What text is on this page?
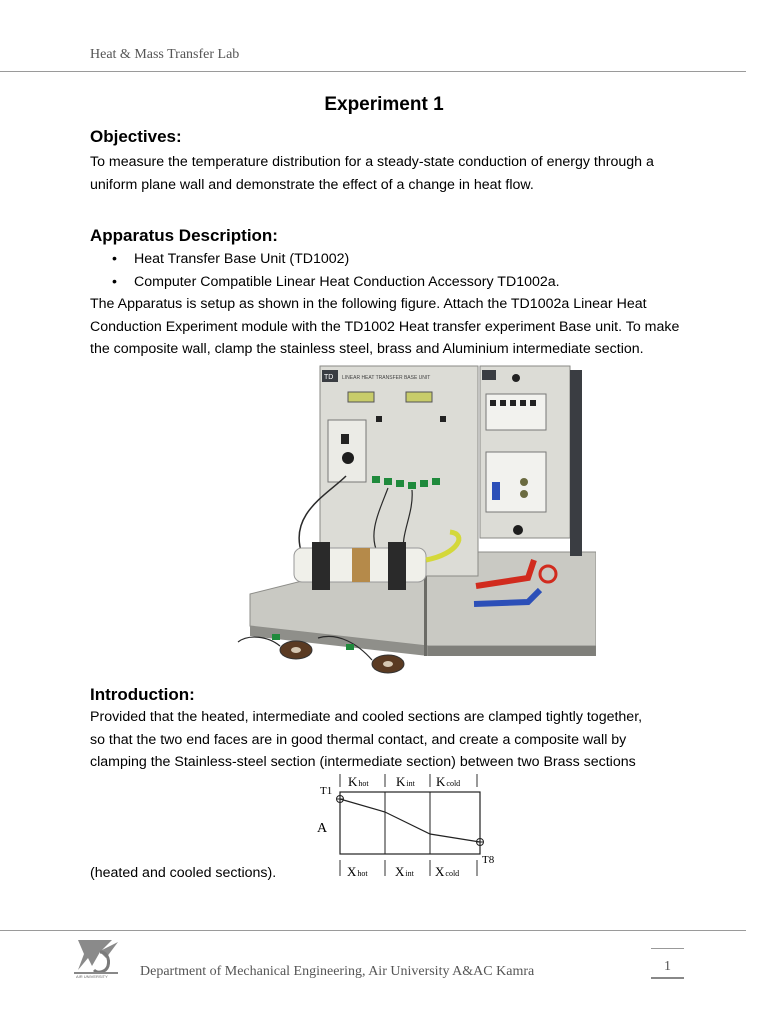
Heat & Mass Transfer Lab
Experiment 1
Objectives:
To measure the temperature distribution for a steady-state conduction of energy through a
uniform plane wall and demonstrate the effect of a change in heat flow.
Apparatus Description:
• Heat Transfer Base Unit (TD1002)
• Computer Compatible Linear Heat Conduction Accessory TD1002a.
The Apparatus is setup as shown in the following figure. Attach the TD1002a Linear Heat
Conduction Experiment module with the TD1002 Heat transfer experiment Base unit. To make
the composite wall, clamp the stainless steel, brass and Aluminium intermediate section.
TD LINEAR HEAT TRANSFER BASE UNIT
Introduction:
Provided that the heated, intermediate and cooled sections are clamped tightly together,
so that the two end faces are in good thermal contact, and create a composite wall by
clamping the Stainless-steel section (intermediate section) between two Brass sections
(heated and cooled sections).
Khot Kint Kcold
T1
T8
A
Xhot Xint Xcold
AIR UNIVERSITY Department of Mechanical Engineering, Air University A&AC Kamra	1
